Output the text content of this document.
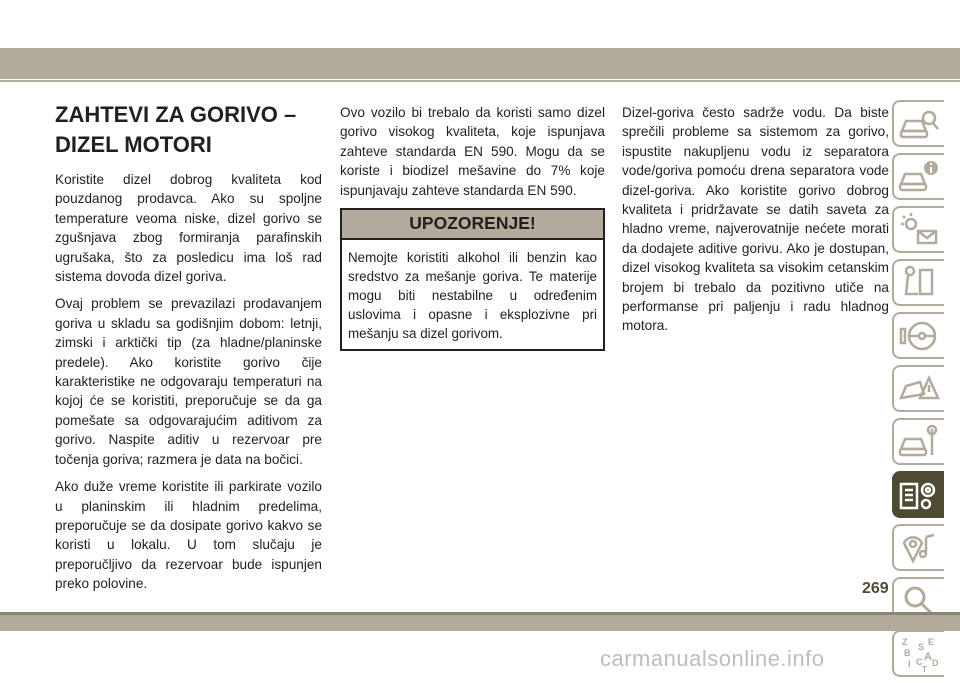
ZAHTEVI ZA GORIVO – DIZEL MOTORI

Koristite dizel dobrog kvaliteta kod pouzdanog prodavca. Ako su spoljne temperature veoma niske, dizel gorivo se zgušnjava zbog formiranja parafinskih ugrušaka, što za posledicu ima loš rad sistema dovoda dizel goriva.

Ovaj problem se prevazilazi prodavanjem goriva u skladu sa godišnjim dobom: letnji, zimski i arktički tip (za hladne/planinske predele). Ako koristite gorivo čije karakteristike ne odgovaraju temperaturi na kojoj će se koristiti, preporučuje se da ga pomešate sa odgovarajućim aditivom za gorivo. Naspite aditiv u rezervoar pre točenja goriva; razmera je data na bočici.

Ako duže vreme koristite ili parkirate vozilo u planinskim ili hladnim predelima, preporučuje se da dosipate gorivo kakvo se koristi u lokalu. U tom slučaju je preporučljivo da rezervoar bude ispunjen preko polovine.

Ovo vozilo bi trebalo da koristi samo dizel gorivo visokog kvaliteta, koje ispunjava zahteve standarda EN 590. Mogu da se koriste i biodizel mešavine do 7% koje ispunjavaju zahteve standarda EN 590.

UPOZORENJE!
Nemojte koristiti alkohol ili benzin kao sredstvo za mešanje goriva. Te materije mogu biti nestabilne u određenim uslovima i opasne i eksplozivne pri mešanju sa dizel gorivom.

Dizel-goriva često sadrže vodu. Da biste sprečili probleme sa sistemom za gorivo, ispustite nakupljenu vodu iz separatora vode/goriva pomoću drena separatora vode dizel-goriva. Ako koristite gorivo dobrog kvaliteta i pridržavate se datih saveta za hladno vreme, najverovatnije nećete morati da dodajete aditive gorivu. Ako je dostupan, dizel visokog kvaliteta sa visokim cetanskim brojem bi trebalo da pozitivno utiče na performanse pri paljenju i radu hladnog motora.

Z E
B
S
A
C D
I
T
269
carmanualsonline.info
